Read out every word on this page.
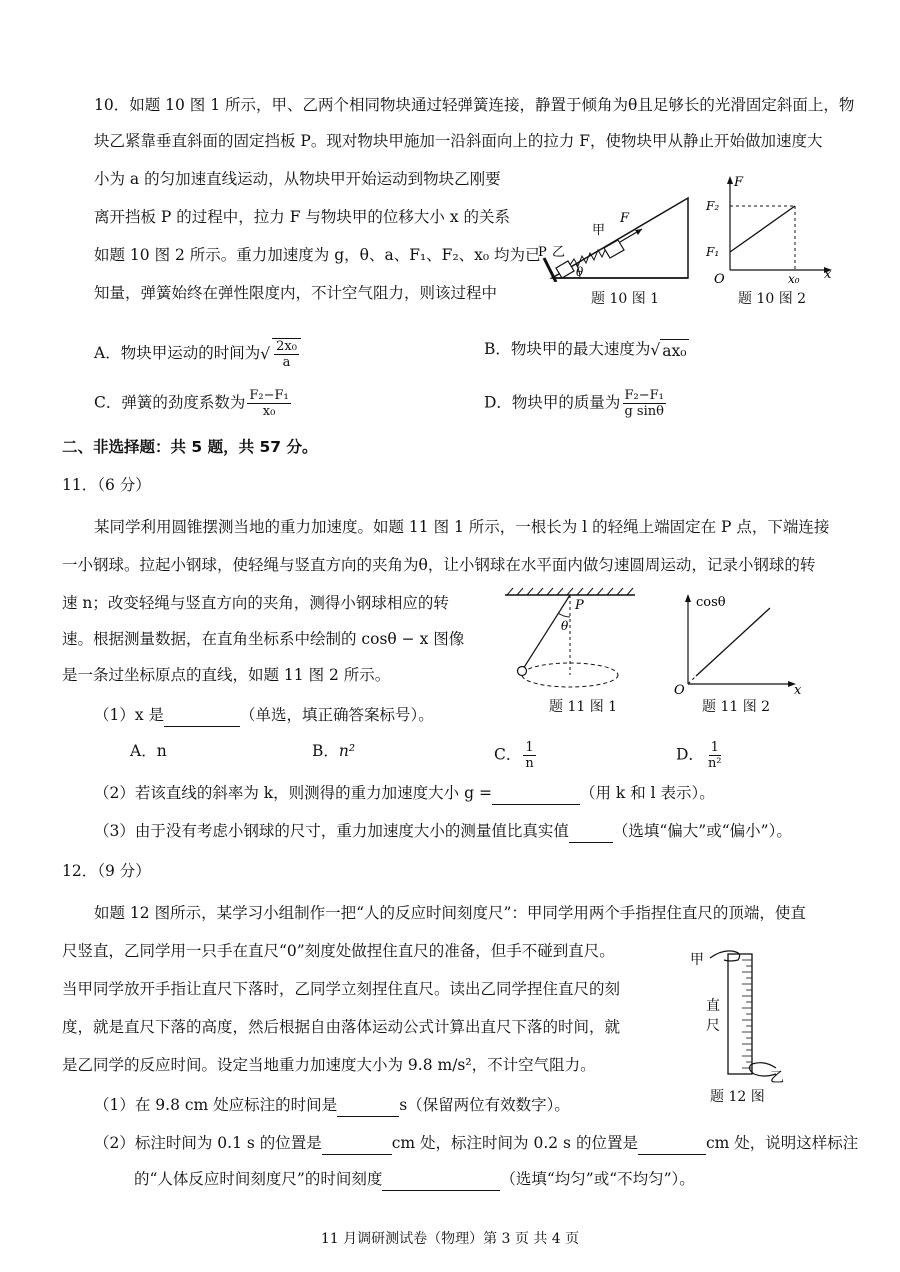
10．如题 10 图 1 所示，甲、乙两个相同物块通过轻弹簧连接，静置于倾角为θ且足够长的光滑固定斜面上，物
块乙紧靠垂直斜面的固定挡板 P。现对物块甲施加一沿斜面向上的拉力 F，使物块甲从静止开始做加速度大
小为 a 的匀加速直线运动，从物块甲开始运动到物块乙刚要
离开挡板 P 的过程中，拉力 F 与物块甲的位移大小 x 的关系
如题 10 图 2 所示。重力加速度为 g，θ、a、F₁、F₂、x₀ 均为已
知量，弹簧始终在弹性限度内，不计空气阻力，则该过程中
P 乙
甲
F
θ
题 10 图 1
F
F₂
F₁
O	x₀ x
题 10 图 2
A．物块甲运动的时间为√ $\frac{\text{2x₀}}{a}$	B．物块甲的最大速度为√ ax₀
C．弹簧的劲度系数为 $\frac{\text{F₂−F₁}}{\text{x₀}}$	D．物块甲的质量为 $\frac{\text{F₂−F₁}}{\text{g sinθ}}$
二、非选择题：共 5 题，共 57 分。
11．（6 分）
某同学利用圆锥摆测当地的重力加速度。如题 11 图 1 所示，一根长为 l 的轻绳上端固定在 P 点，下端连接
一小钢球。拉起小钢球，使轻绳与竖直方向的夹角为θ，让小钢球在水平面内做匀速圆周运动，记录小钢球的转
速 n；改变轻绳与竖直方向的夹角，测得小钢球相应的转
速。根据测量数据，在直角坐标系中绘制的 cosθ − x 图像
是一条过坐标原点的直线，如题 11 图 2 所示。
P
θ
题 11 图 1
cosθ
O	x
题 11 图 2
（1）x 是	（单选，填正确答案标号）。
A．n	B．n²	C． $\frac{1}{n}$	D． $\frac{1}{\text{n²}}$
（2）若该直线的斜率为 k，则测得的重力加速度大小 g =	（用 k 和 l 表示）。
（3）由于没有考虑小钢球的尺寸，重力加速度大小的测量值比真实值	（选填“偏大”或“偏小”）。
12．（9 分）
如题 12 图所示，某学习小组制作一把“人的反应时间刻度尺”：甲同学用两个手指捏住直尺的顶端，使直
尺竖直，乙同学用一只手在直尺“0”刻度处做捏住直尺的准备，但手不碰到直尺。
当甲同学放开手指让直尺下落时，乙同学立刻捏住直尺。读出乙同学捏住直尺的刻
度，就是直尺下落的高度，然后根据自由落体运动公式计算出直尺下落的时间，就
是乙同学的反应时间。设定当地重力加速度大小为 9.8 m/s²，不计空气阻力。
甲
直
尺
乙
题 12 图
（1）在 9.8 cm 处应标注的时间是	s（保留两位有效数字）。
（2）标注时间为 0.1 s 的位置是	cm 处，标注时间为 0.2 s 的位置是	cm 处，说明这样标注
的“人体反应时间刻度尺”的时间刻度	（选填“均匀”或“不均匀”）。
11 月调研测试卷（物理）第 3 页 共 4 页
